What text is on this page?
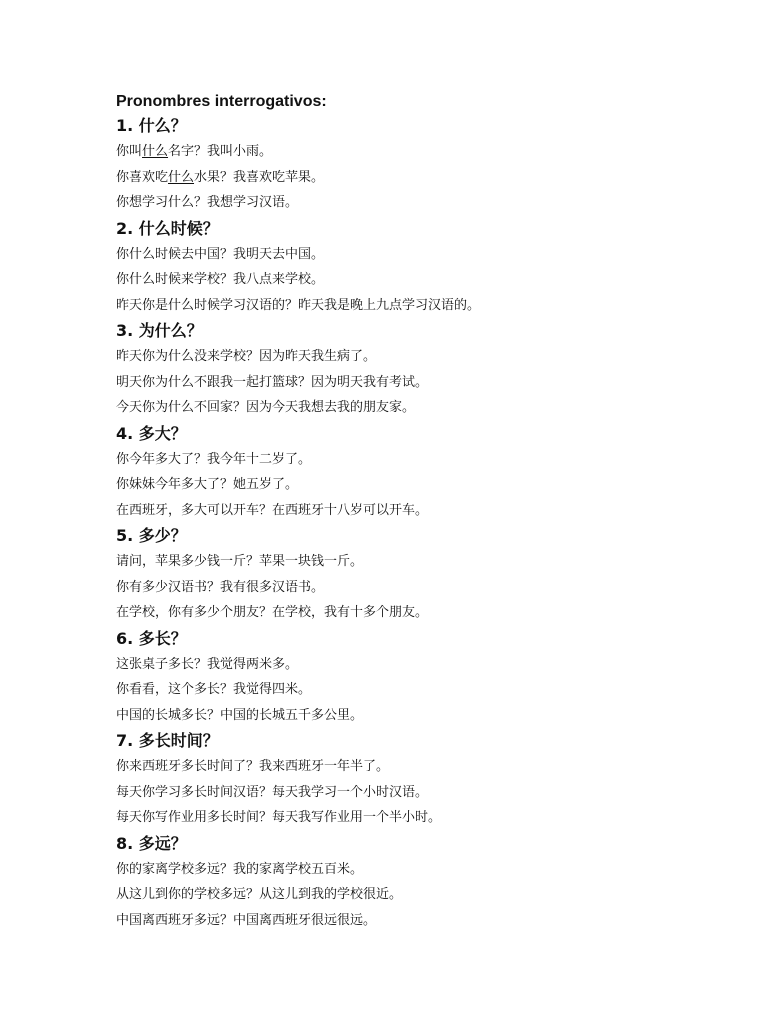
Pronombres interrogativos:
1. 什么？
你叫什么名字？我叫小雨。
你喜欢吃什么水果？我喜欢吃苹果。
你想学习什么？我想学习汉语。
2. 什么时候？
你什么时候去中国？我明天去中国。
你什么时候来学校？我八点来学校。
昨天你是什么时候学习汉语的？昨天我是晚上九点学习汉语的。
3. 为什么？
昨天你为什么没来学校？因为昨天我生病了。
明天你为什么不跟我一起打篮球？因为明天我有考试。
今天你为什么不回家？因为今天我想去我的朋友家。
4. 多大？
你今年多大了？我今年十二岁了。
你妹妹今年多大了？她五岁了。
在西班牙，多大可以开车？在西班牙十八岁可以开车。
5. 多少？
请问，苹果多少钱一斤？苹果一块钱一斤。
你有多少汉语书？我有很多汉语书。
在学校，你有多少个朋友？在学校，我有十多个朋友。
6. 多长？
这张桌子多长？我觉得两米多。
你看看，这个多长？我觉得四米。
中国的长城多长？中国的长城五千多公里。
7. 多长时间？
你来西班牙多长时间了？我来西班牙一年半了。
每天你学习多长时间汉语？每天我学习一个小时汉语。
每天你写作业用多长时间？每天我写作业用一个半小时。
8. 多远？
你的家离学校多远？我的家离学校五百米。
从这儿到你的学校多远？从这儿到我的学校很近。
中国离西班牙多远？中国离西班牙很远很远。
